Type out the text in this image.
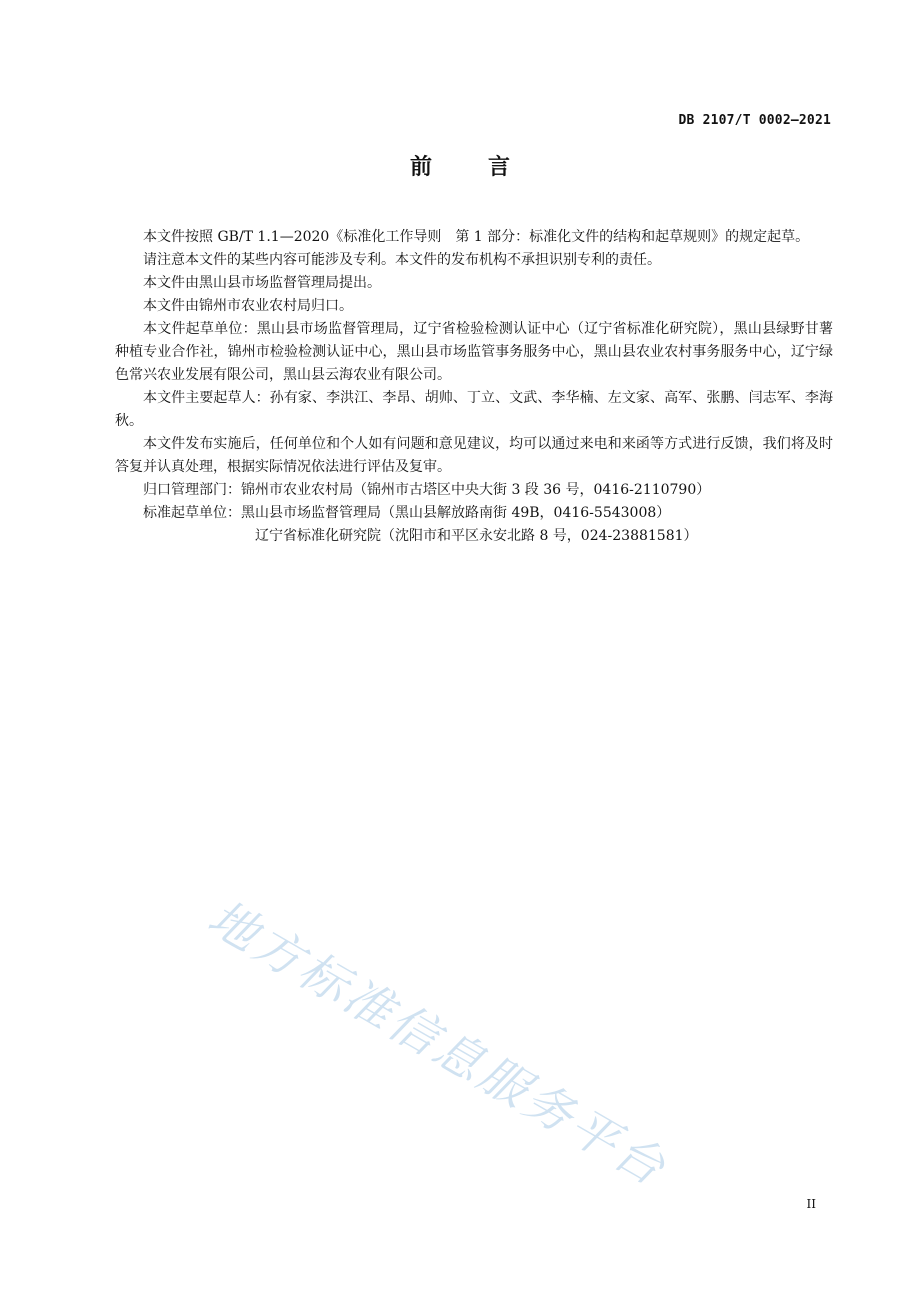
DB 2107/T 0002—2021
前言

本文件按照 GB/T 1.1—2020《标准化工作导则　第 1 部分：标准化文件的结构和起草规则》的规定起草。

请注意本文件的某些内容可能涉及专利。本文件的发布机构不承担识别专利的责任。

本文件由黑山县市场监督管理局提出。

本文件由锦州市农业农村局归口。

本文件起草单位：黑山县市场监督管理局，辽宁省检验检测认证中心（辽宁省标准化研究院），黑山县绿野甘薯种植专业合作社，锦州市检验检测认证中心，黑山县市场监管事务服务中心，黑山县农业农村事务服务中心，辽宁绿色常兴农业发展有限公司，黑山县云海农业有限公司。

本文件主要起草人：孙有家、李洪江、李昂、胡帅、丁立、文武、李华楠、左文家、高军、张鹏、闫志军、李海秋。

本文件发布实施后，任何单位和个人如有问题和意见建议，均可以通过来电和来函等方式进行反馈，我们将及时答复并认真处理，根据实际情况依法进行评估及复审。

归口管理部门：锦州市农业农村局（锦州市古塔区中央大街 3 段 36 号，0416-2110790）

标准起草单位：黑山县市场监督管理局（黑山县解放路南街 49B，0416-5543008）

辽宁省标准化研究院（沈阳市和平区永安北路 8 号，024-23881581）

地方标准信息服务平台
II
